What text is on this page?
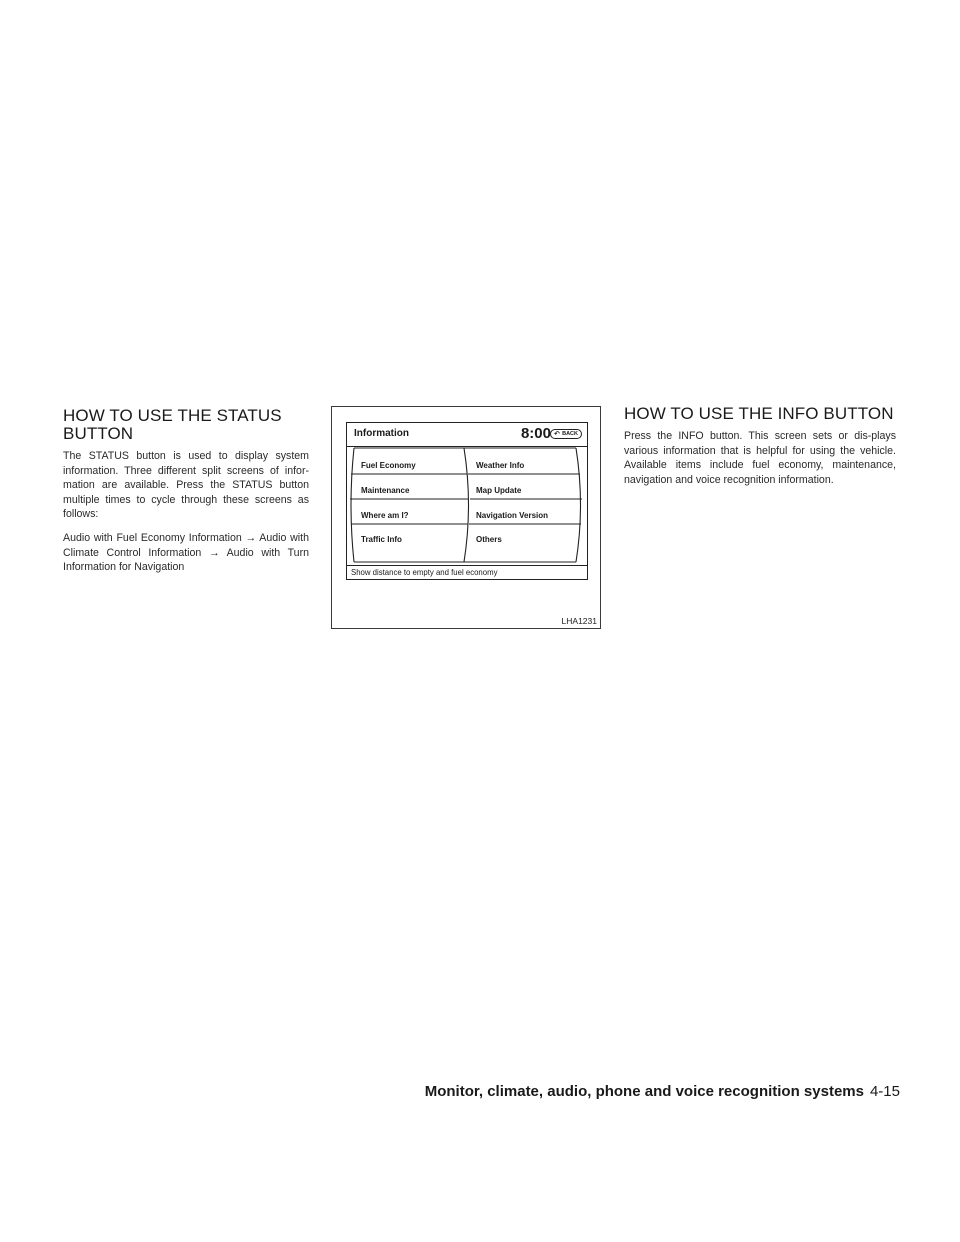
HOW TO USE THE STATUS BUTTON

The STATUS button is used to display system information. Three different split screens of infor-mation are available. Press the STATUS button multiple times to cycle through these screens as follows:

Audio with Fuel Economy Information → Audio with Climate Control Information → Audio with Turn Information for Navigation

Information	8:00 ↶ BACK
Fuel Economy
Maintenance
Where am I?
Traffic Info
Weather Info
Map Update
Navigation Version
Others
Show distance to empty and fuel economy
LHA1231
HOW TO USE THE INFO BUTTON

Press the INFO button. This screen sets or dis-plays various information that is helpful for using the vehicle. Available items include fuel economy, maintenance, navigation and voice recognition information.

Monitor, climate, audio, phone and voice recognition systems 4-15
